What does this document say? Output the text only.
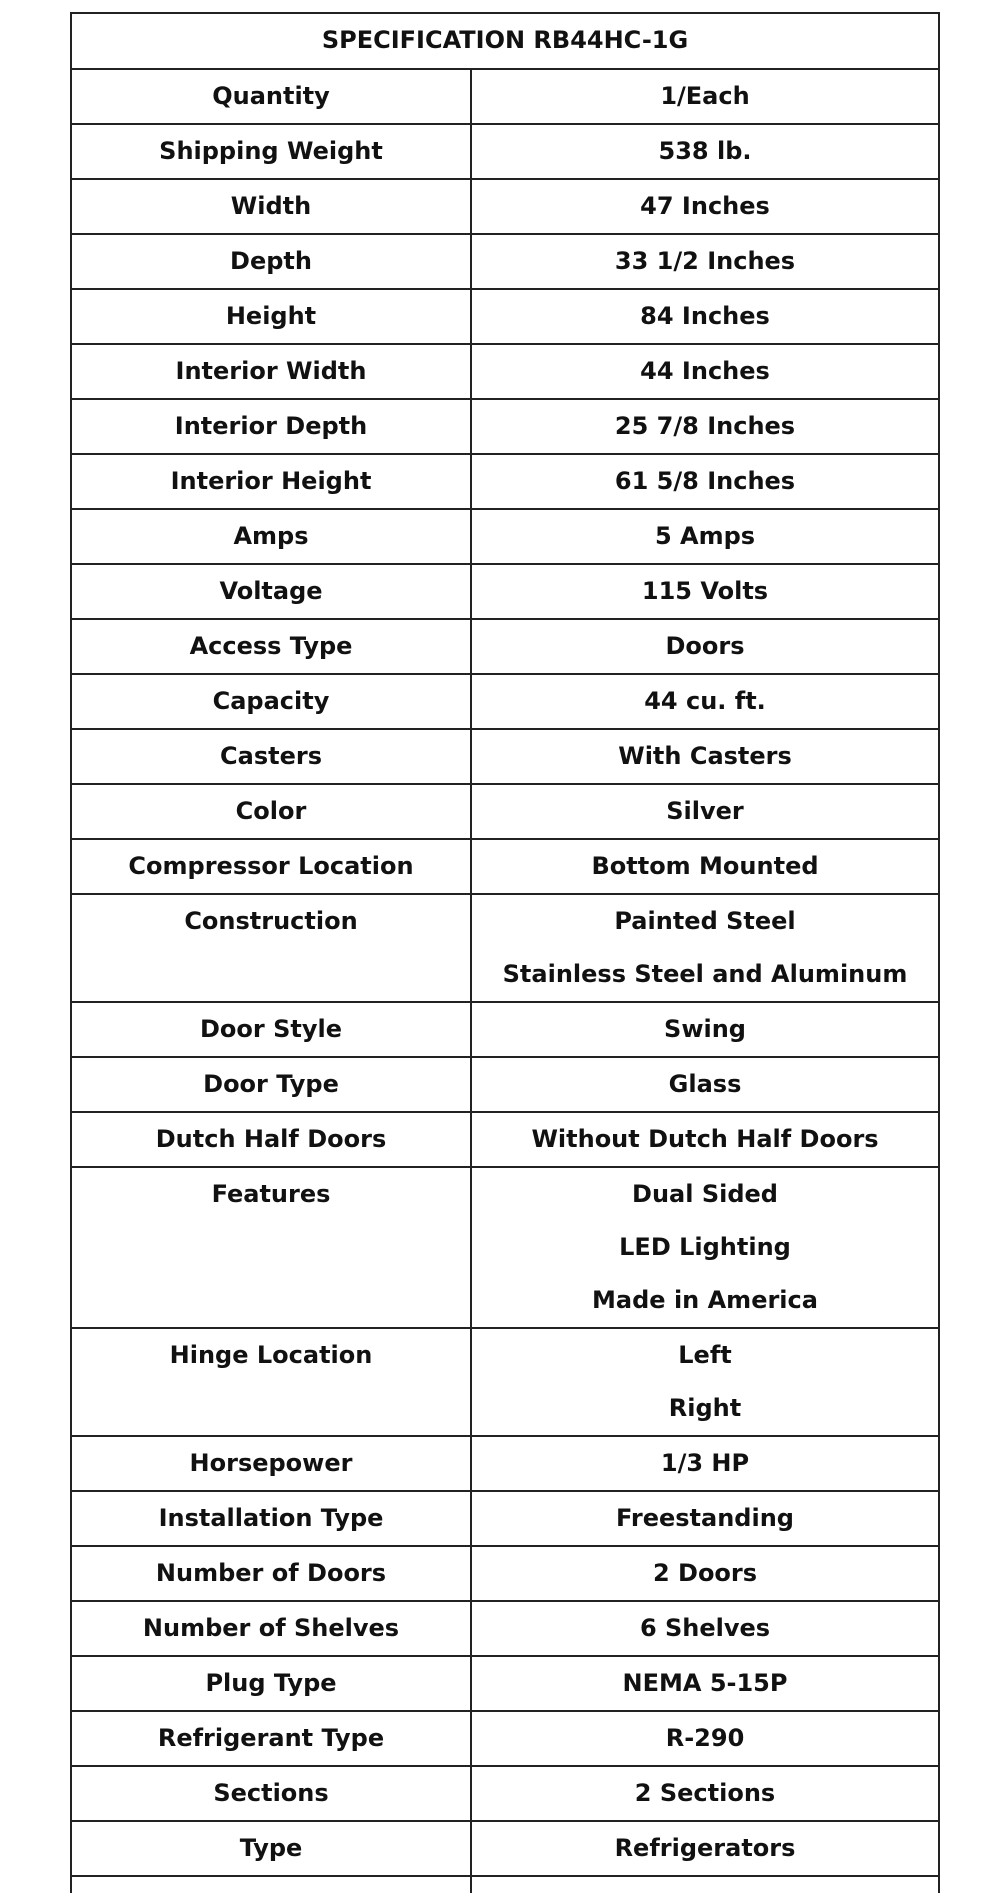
SPECIFICATION RB44HC-1G	
Quantity	1/Each

Shipping Weight	538 lb.

Width	47 Inches

Depth	33 1/2 Inches

Height	84 Inches

Interior Width	44 Inches

Interior Depth	25 7/8 Inches

Interior Height	61 5/8 Inches

Amps	5 Amps

Voltage	115 Volts

Access Type	Doors

Capacity	44 cu. ft.

Casters	With Casters

Color	Silver

Compressor Location	Bottom Mounted

Construction	Painted Steel
Stainless Steel and Aluminum

Door Style	Swing

Door Type	Glass

Dutch Half Doors	Without Dutch Half Doors

Features	Dual Sided
LED Lighting
Made in America

Hinge Location	Left
Right

Horsepower	1/3 HP

Installation Type	Freestanding

Number of Doors	2 Doors

Number of Shelves	6 Shelves

Plug Type	NEMA 5-15P

Refrigerant Type	R-290

Sections	2 Sections

Type	Refrigerators
